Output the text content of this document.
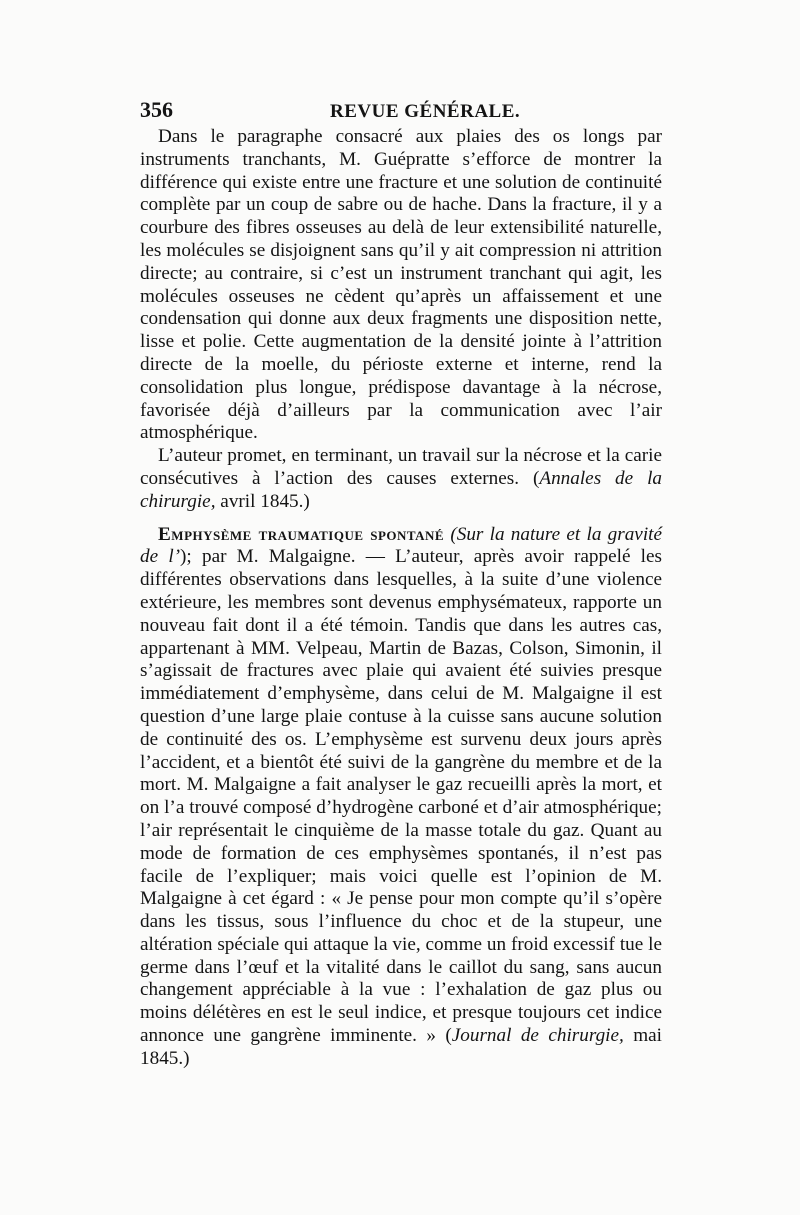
356	REVUE GÉNÉRALE.

Dans le paragraphe consacré aux plaies des os longs par instruments tranchants, M. Guépratte s’efforce de montrer la différence qui existe entre une fracture et une solution de continuité complète par un coup de sabre ou de hache. Dans la fracture, il y a courbure des fibres osseuses au delà de leur extensibilité naturelle, les molécules se disjoignent sans qu’il y ait compression ni attrition directe; au contraire, si c’est un instrument tranchant qui agit, les molécules osseuses ne cèdent qu’après un affaissement et une condensation qui donne aux deux fragments une disposition nette, lisse et polie. Cette augmentation de la densité jointe à l’attrition directe de la moelle, du périoste externe et interne, rend la consolidation plus longue, prédispose davantage à la nécrose, favorisée déjà d’ailleurs par la communication avec l’air atmosphérique.

L’auteur promet, en terminant, un travail sur la nécrose et la carie consécutives à l’action des causes externes. (Annales de la chirurgie, avril 1845.)

Emphysème traumatique spontané (Sur la nature et la gravité de l’); par M. Malgaigne. — L’auteur, après avoir rappelé les différentes observations dans lesquelles, à la suite d’une violence extérieure, les membres sont devenus emphysémateux, rapporte un nouveau fait dont il a été témoin. Tandis que dans les autres cas, appartenant à MM. Velpeau, Martin de Bazas, Colson, Simonin, il s’agissait de fractures avec plaie qui avaient été suivies presque immédiatement d’emphysème, dans celui de M. Malgaigne il est question d’une large plaie contuse à la cuisse sans aucune solution de continuité des os. L’emphysème est survenu deux jours après l’accident, et a bientôt été suivi de la gangrène du membre et de la mort. M. Malgaigne a fait analyser le gaz recueilli après la mort, et on l’a trouvé composé d’hydrogène carboné et d’air atmosphérique; l’air représentait le cinquième de la masse totale du gaz. Quant au mode de formation de ces emphysèmes spontanés, il n’est pas facile de l’expliquer; mais voici quelle est l’opinion de M. Malgaigne à cet égard : « Je pense pour mon compte qu’il s’opère dans les tissus, sous l’influence du choc et de la stupeur, une altération spéciale qui attaque la vie, comme un froid excessif tue le germe dans l’œuf et la vitalité dans le caillot du sang, sans aucun changement appréciable à la vue : l’exhalation de gaz plus ou moins délétères en est le seul indice, et presque toujours cet indice annonce une gangrène imminente. » (Journal de chirurgie, mai 1845.)
